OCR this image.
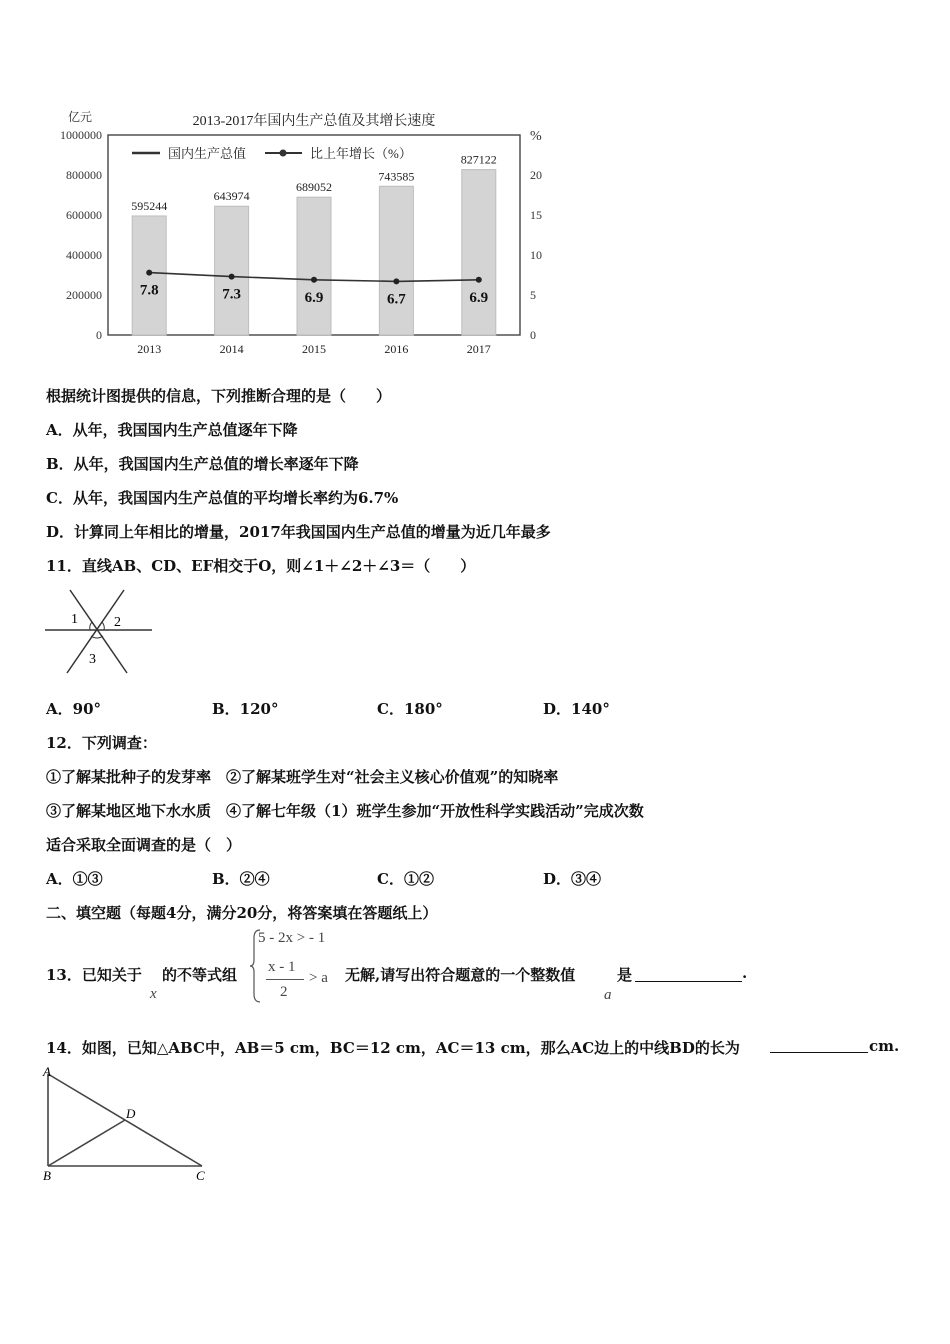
2013-2017年国内生产总值及其增长速度
亿元
%
1000000
800000
600000
400000
200000
0
20
15
10
5
0
国内生产总值	比上年增长（%）
595244
2013
643974
2014
689052
2015
743585
2016
827122
2017
7.8	7.3	6.9	6.7	6.9
根据统计图提供的信息，下列推断合理的是（　　）
A．从年，我国国内生产总值逐年下降
B．从年，我国国内生产总值的增长率逐年下降
C．从年，我国国内生产总值的平均增长率约为6.7%
D．计算同上年相比的增量，2017年我国国内生产总值的增量为近几年最多
11．直线AB、CD、EF相交于O，则∠1＋∠2＋∠3＝（　　）
1	2
3
A．90°	B．120°	C．180°	D．140°
12．下列调查：
①了解某批种子的发芽率　②了解某班学生对“社会主义核心价值观”的知晓率
③了解某地区地下水水质　④了解七年级（1）班学生参加“开放性科学实践活动”完成次数
适合采取全面调查的是（　）
A．①③	B．②④	C．①②	D．③④
二、填空题（每题4分，满分20分，将答案填在答题纸上）
13．已知关于
x
的不等式组
5 - 2x > - 1
x - 1
2
> a 无解,请写出符合题意的一个整数值
a
是	.
14．如图，已知△ABC中，AB＝5 cm，BC＝12 cm，AC＝13 cm，那么AC边上的中线BD的长为	cm.
A
B	C
D
